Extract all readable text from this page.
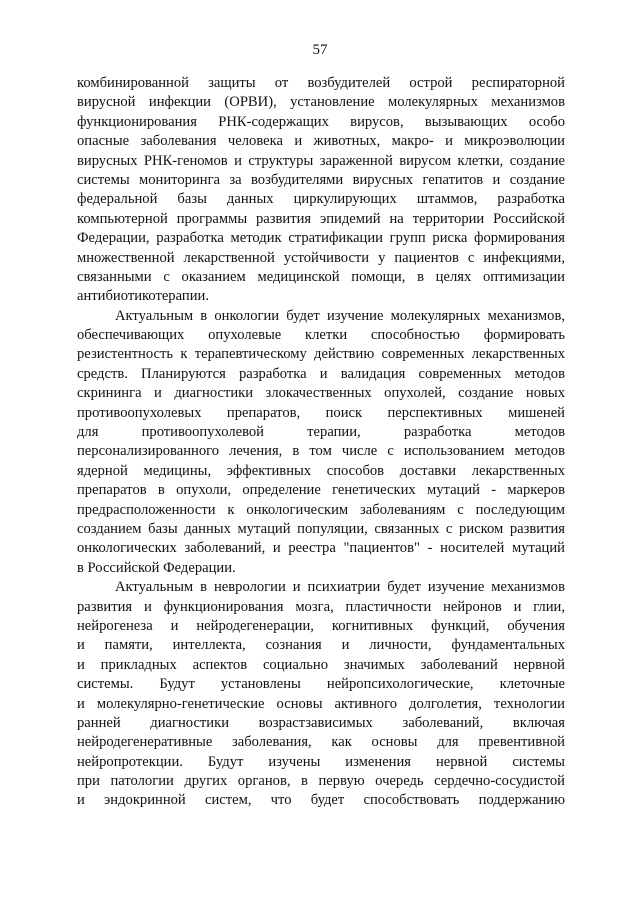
57
комбинированной защиты от возбудителей острой респираторной
вирусной инфекции (ОРВИ), установление молекулярных механизмов
функционирования РНК-содержащих вирусов, вызывающих особо
опасные заболевания человека и животных, макро- и микроэволюции
вирусных РНК-геномов и структуры зараженной вирусом клетки, создание
системы мониторинга за возбудителями вирусных гепатитов и создание
федеральной базы данных циркулирующих штаммов, разработка
компьютерной программы развития эпидемий на территории Российской
Федерации, разработка методик стратификации групп риска формирования
множественной лекарственной устойчивости у пациентов с инфекциями,
связанными с оказанием медицинской помощи, в целях оптимизации
антибиотикотерапии.
Актуальным в онкологии будет изучение молекулярных механизмов,
обеспечивающих опухолевые клетки способностью формировать
резистентность к терапевтическому действию современных лекарственных
средств. Планируются разработка и валидация современных методов
скрининга и диагностики злокачественных опухолей, создание новых
противоопухолевых препаратов, поиск перспективных мишеней
для противоопухолевой терапии, разработка методов
персонализированного лечения, в том числе с использованием методов
ядерной медицины, эффективных способов доставки лекарственных
препаратов в опухоли, определение генетических мутаций - маркеров
предрасположенности к онкологическим заболеваниям с последующим
созданием базы данных мутаций популяции, связанных с риском развития
онкологических заболеваний, и реестра "пациентов" - носителей мутаций
в Российской Федерации.
Актуальным в неврологии и психиатрии будет изучение механизмов
развития и функционирования мозга, пластичности нейронов и глии,
нейрогенеза и нейродегенерации, когнитивных функций, обучения
и памяти, интеллекта, сознания и личности, фундаментальных
и прикладных аспектов социально значимых заболеваний нервной
системы. Будут установлены нейропсихологические, клеточные
и молекулярно-генетические основы активного долголетия, технологии
ранней диагностики возрастзависимых заболеваний, включая
нейродегенеративные заболевания, как основы для превентивной
нейропротекции. Будут изучены изменения нервной системы
при патологии других органов, в первую очередь сердечно-сосудистой
и эндокринной систем, что будет способствовать поддержанию
